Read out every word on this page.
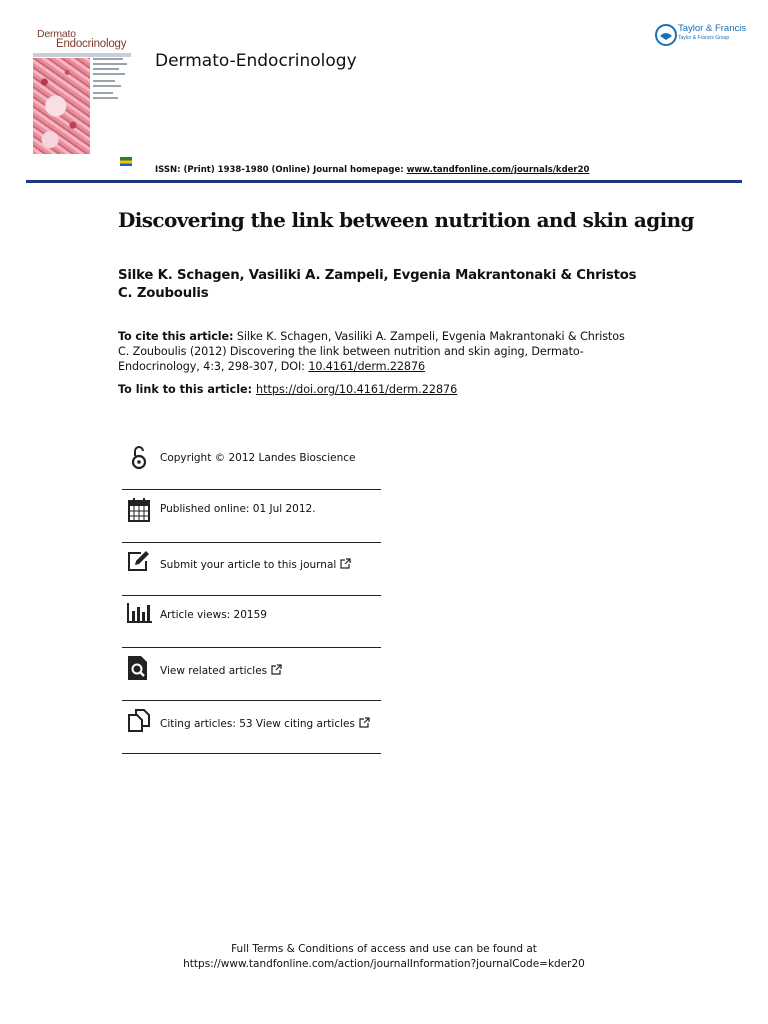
Dermato
Endocrinology
Dermato-Endocrinology
Taylor & Francis
Taylor & Francis Group
ISSN: (Print) 1938-1980 (Online) Journal homepage: www.tandfonline.com/journals/kder20
Discovering the link between nutrition and skin aging
Silke K. Schagen, Vasiliki A. Zampeli, Evgenia Makrantonaki & Christos C. Zouboulis
To cite this article: Silke K. Schagen, Vasiliki A. Zampeli, Evgenia Makrantonaki & Christos C. Zouboulis (2012) Discovering the link between nutrition and skin aging, Dermato-Endocrinology, 4:3, 298-307, DOI: 10.4161/derm.22876
To link to this article: https://doi.org/10.4161/derm.22876
Copyright © 2012 Landes Bioscience
Published online: 01 Jul 2012.
Submit your article to this journal
Article views: 20159
View related articles
Citing articles: 53 View citing articles
Full Terms & Conditions of access and use can be found at
https://www.tandfonline.com/action/journalInformation?journalCode=kder20
